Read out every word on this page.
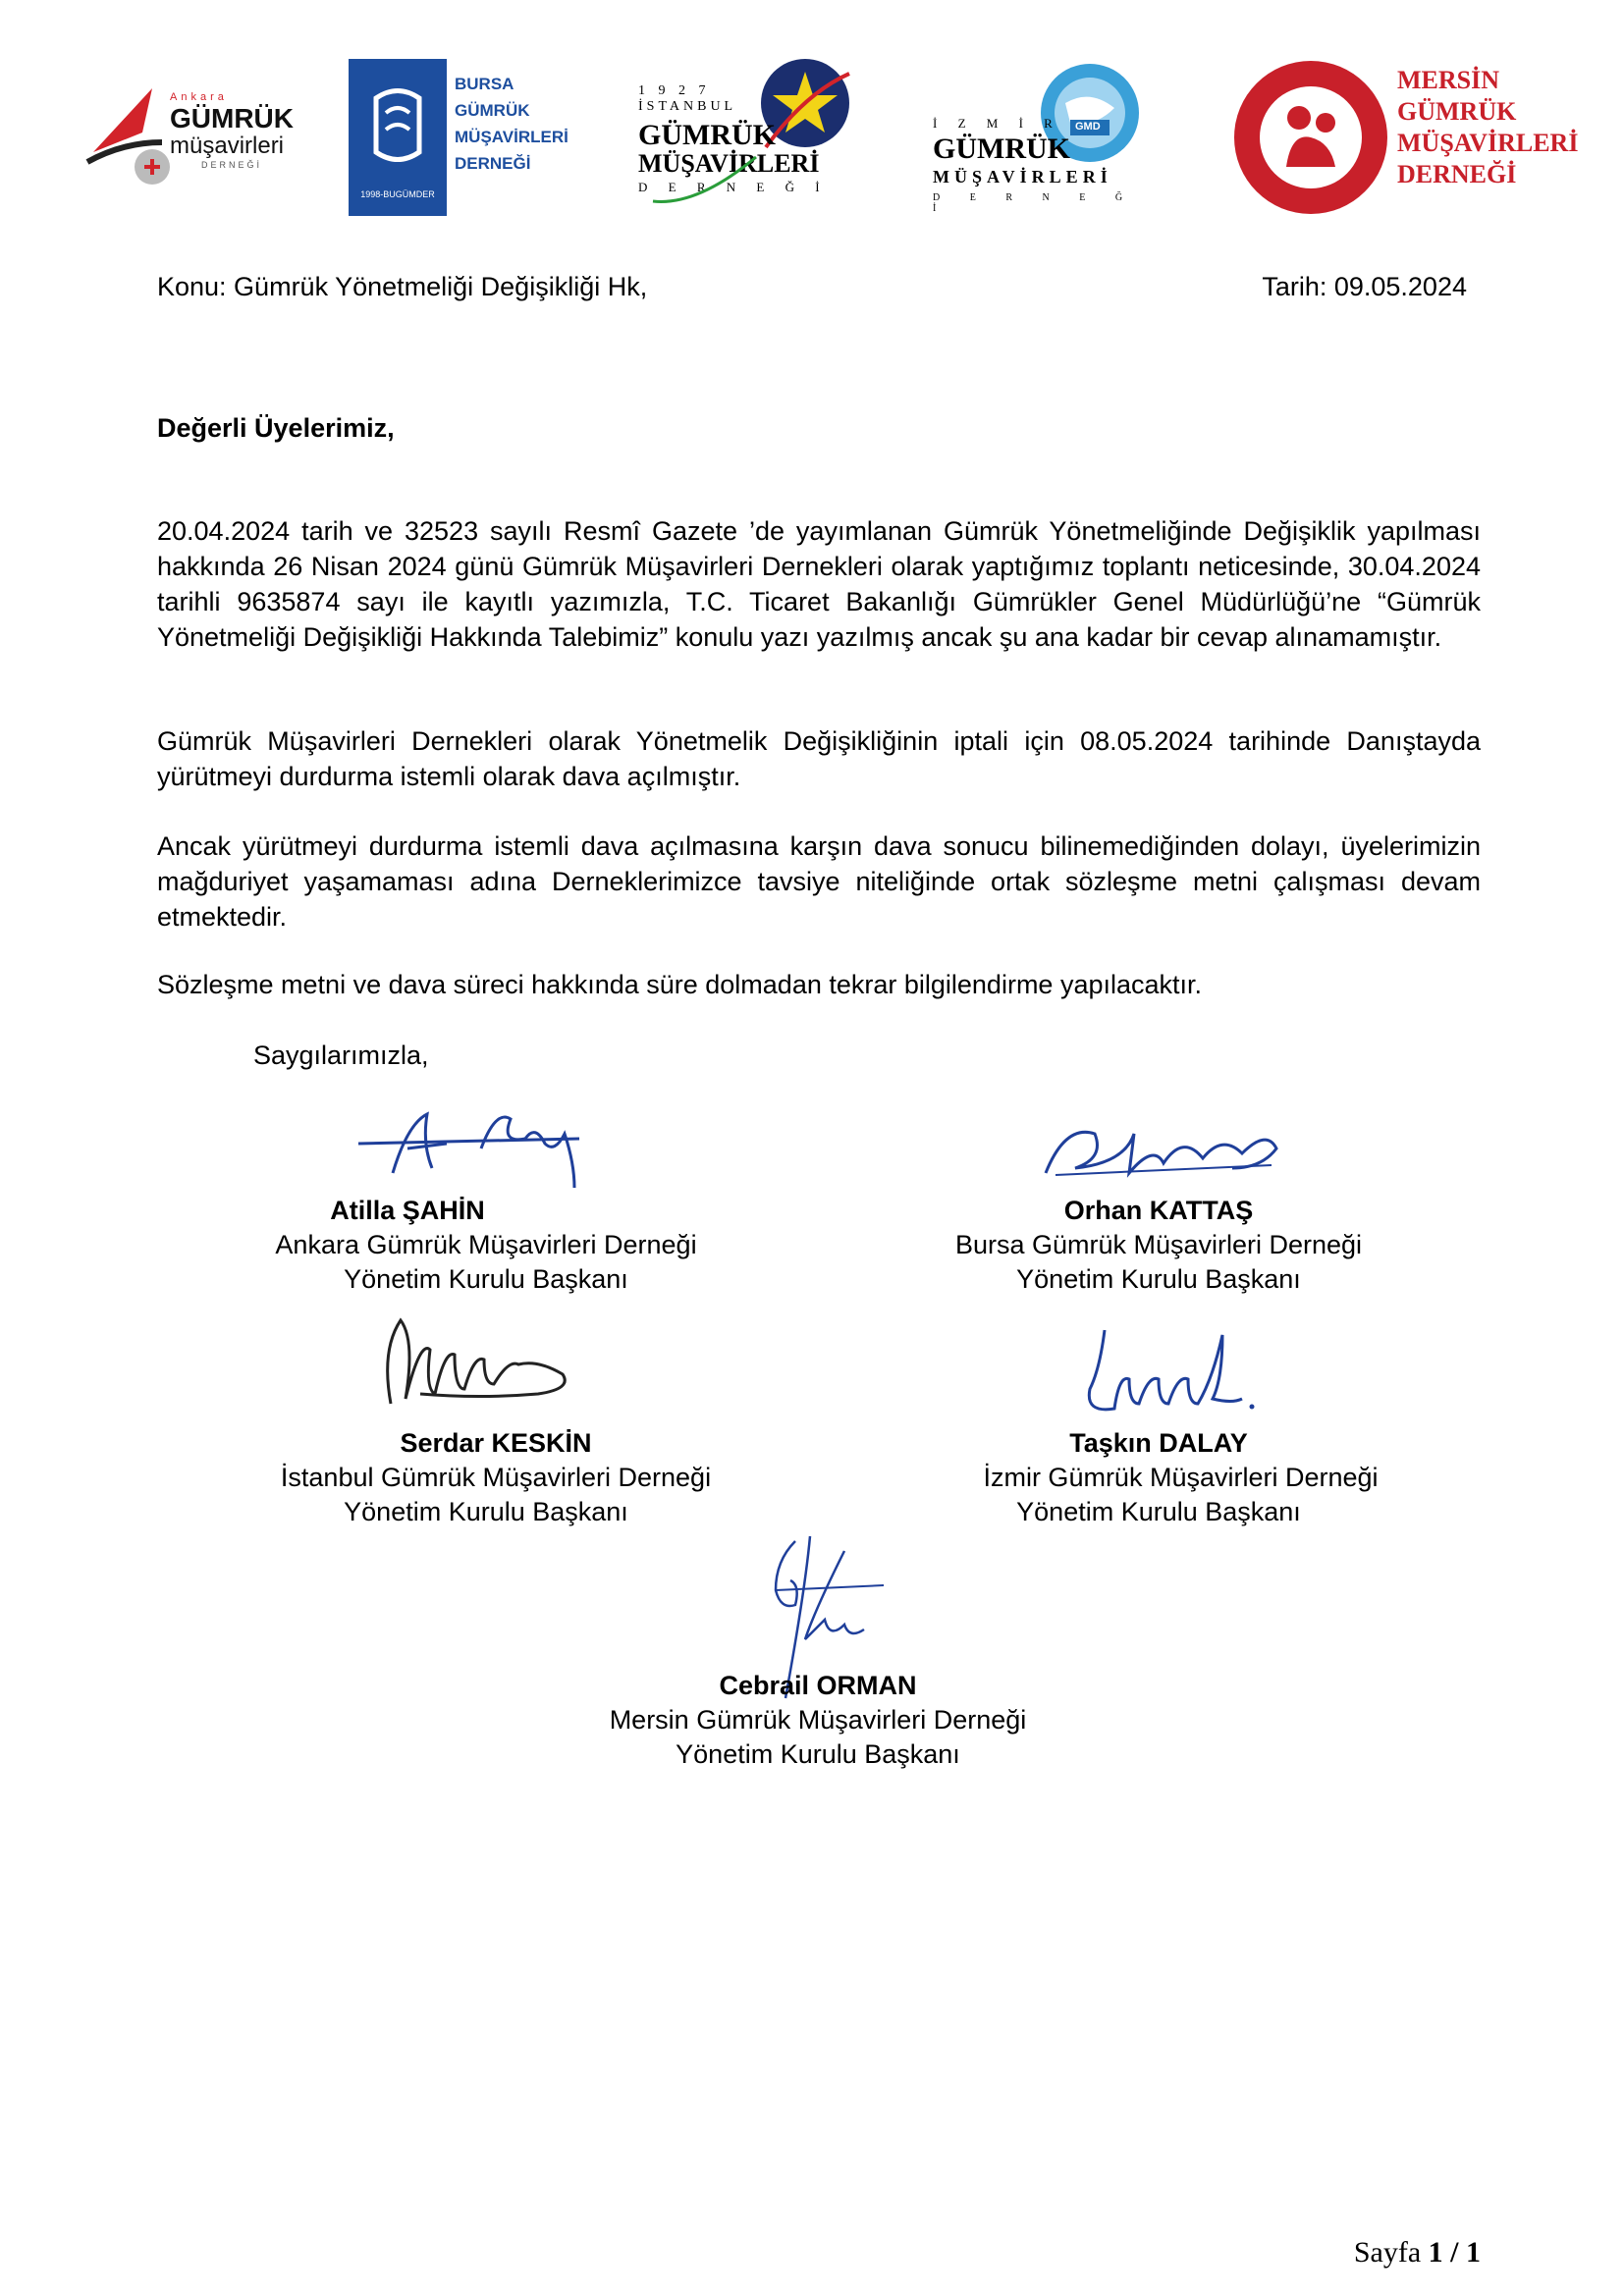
Ankara
GÜMRÜK
müşavirleri
DERNEĞİ
1998-BUGÜMDER
BURSA
GÜMRÜK
MÜŞAVİRLERİ
DERNEĞİ
1 9 2 7
İSTANBUL
GÜMRÜK
MÜŞAVİRLERİ
D E R N E Ğ İ
GMD
İ Z M İ R
GÜMRÜK
MÜŞAVİRLERİ
D E R N E Ğ İ
MERSİN
GÜMRÜK
MÜŞAVİRLERİ
DERNEĞİ
Konu: Gümrük Yönetmeliği Değişikliği Hk,	Tarih: 09.05.2024
Değerli Üyelerimiz,
20.04.2024 tarih ve 32523 sayılı Resmî Gazete ’de yayımlanan Gümrük Yönetmeliğinde Değişiklik yapılması hakkında 26 Nisan 2024 günü Gümrük Müşavirleri Dernekleri olarak yaptığımız toplantı neticesinde, 30.04.2024 tarihli 9635874 sayı ile kayıtlı yazımızla, T.C. Ticaret Bakanlığı Gümrükler Genel Müdürlüğü’ne “Gümrük Yönetmeliği Değişikliği Hakkında Talebimiz” konulu yazı yazılmış ancak şu ana kadar bir cevap alınamamıştır.
Gümrük Müşavirleri Dernekleri olarak Yönetmelik Değişikliğinin iptali için 08.05.2024 tarihinde Danıştayda yürütmeyi durdurma istemli olarak dava açılmıştır.
Ancak yürütmeyi durdurma istemli dava açılmasına karşın dava sonucu bilinemediğinden dolayı, üyelerimizin mağduriyet yaşamaması adına Derneklerimizce tavsiye niteliğinde ortak sözleşme metni çalışması devam etmektedir.
Sözleşme metni ve dava süreci hakkında süre dolmadan tekrar bilgilendirme yapılacaktır.
Saygılarımızla,
Atilla ŞAHİN
Ankara Gümrük Müşavirleri Derneği
Yönetim Kurulu Başkanı
Orhan KATTAŞ
Bursa Gümrük Müşavirleri Derneği
Yönetim Kurulu Başkanı
Serdar KESKİN
İstanbul Gümrük Müşavirleri Derneği
Yönetim Kurulu Başkanı
Taşkın DALAY
İzmir Gümrük Müşavirleri Derneği
Yönetim Kurulu Başkanı
Cebrail ORMAN
Mersin Gümrük Müşavirleri Derneği
Yönetim Kurulu Başkanı
Sayfa 1 / 1
